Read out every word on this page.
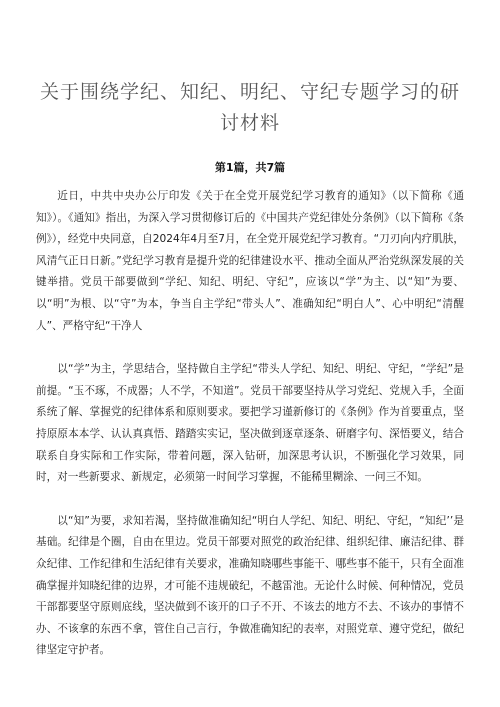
关于围绕学纪、知纪、明纪、守纪专题学习的研讨材料
第1篇，共7篇

近日，中共中央办公厅印发《关于在全党开展党纪学习教育的通知》（以下简称《通知》）。《通知》指出，为深入学习贯彻修订后的《中国共产党纪律处分条例》（以下简称《条例》），经党中央同意，自2024年4月至7月，在全党开展党纪学习教育。“刀刃向内疗肌肤，风清气正日日新。”党纪学习教育是提升党的纪律建设水平、推动全面从严治党纵深发展的关键举措。党员干部要做到“学纪、知纪、明纪、守纪”，应该以“学”为主、以“知”为要、以“明”为根、以“守”为本，争当自主学纪“带头人”、准确知纪“明白人”、心中明纪“清醒人”、严格守纪“干净人

以“学”为主，学思结合，坚持做自主学纪“带头人学纪、知纪、明纪、守纪，“学纪”是前提。“玉不琢，不成器；人不学，不知道”。党员干部要坚持从学习党纪、党规入手，全面系统了解、掌握党的纪律体系和原则要求。要把学习谨新修订的《条例》作为首要重点，坚持原原本本学、认认真真悟、踏踏实实记，坚决做到逐章逐条、研磨字句、深悟要义，结合联系自身实际和工作实际，带着问题，深入钻研，加深思考认识，不断强化学习效果，同时，对一些新要求、新规定，必须第一时间学习掌握，不能稀里糊涂、一问三不知。

以“知”为要，求知若渴，坚持做准确知纪“明白人学纪、知纪、明纪、守纪，“知纪’’是基础。纪律是个圈，自由在里边。党员干部要对照党的政治纪律、组织纪律、廉洁纪律、群众纪律、工作纪律和生活纪律有关要求，准确知晓哪些事能干、哪些事不能干，只有全面准确掌握并知晓纪律的边界，才可能不违规破纪，不越雷池。无论什么时候、何种情况，党员干部都要坚守原则底线，坚决做到不该开的口子不开、不该去的地方不去、不该办的事情不办、不该拿的东西不拿，管住自己言行，争做准确知纪的表率，对照党章、遵守党纪，做纪律坚定守护者。
